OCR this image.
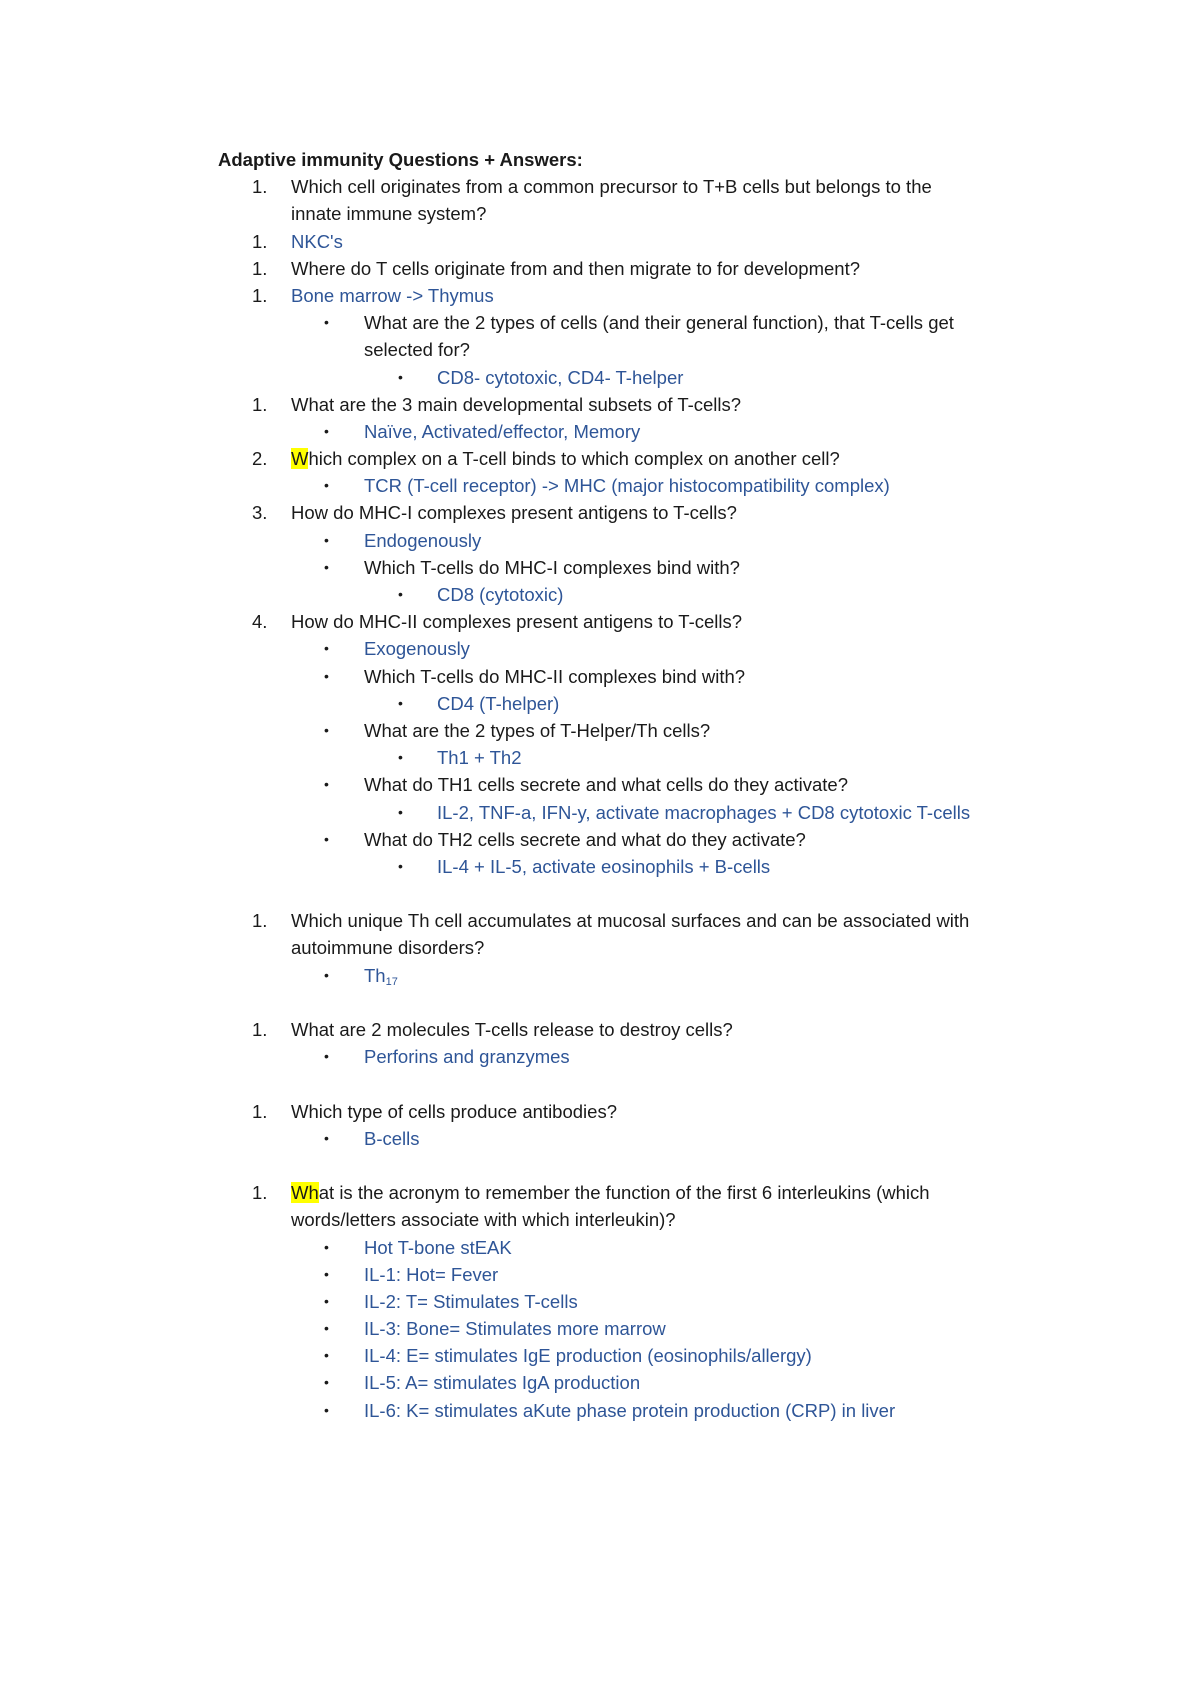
Adaptive immunity Questions + Answers:
1. Which cell originates from a common precursor to T+B cells but belongs to the
innate immune system?
1. NKC's
1. Where do T cells originate from and then migrate to for development?
1. Bone marrow -> Thymus
• What are the 2 types of cells (and their general function), that T-cells get
selected for?
• CD8- cytotoxic, CD4- T-helper
1. What are the 3 main developmental subsets of T-cells?
• Naïve, Activated/effector, Memory
2. Which complex on a T-cell binds to which complex on another cell?
• TCR (T-cell receptor) -> MHC (major histocompatibility complex)
3. How do MHC-I complexes present antigens to T-cells?
• Endogenously
• Which T-cells do MHC-I complexes bind with?
• CD8 (cytotoxic)
4. How do MHC-II complexes present antigens to T-cells?
• Exogenously
• Which T-cells do MHC-II complexes bind with?
• CD4 (T-helper)
• What are the 2 types of T-Helper/Th cells?
• Th1 + Th2
• What do TH1 cells secrete and what cells do they activate?
• IL-2, TNF-a, IFN-y, activate macrophages + CD8 cytotoxic T-cells
• What do TH2 cells secrete and what do they activate?
• IL-4 + IL-5, activate eosinophils + B-cells
1. Which unique Th cell accumulates at mucosal surfaces and can be associated with
autoimmune disorders?
• $Th_{17}$
1. What are 2 molecules T-cells release to destroy cells?
• Perforins and granzymes
1. Which type of cells produce antibodies?
• B-cells
1. What is the acronym to remember the function of the first 6 interleukins (which
words/letters associate with which interleukin)?
• Hot T-bone stEAK
• IL-1: Hot= Fever
• IL-2: T= Stimulates T-cells
• IL-3: Bone= Stimulates more marrow
• IL-4: E= stimulates IgE production (eosinophils/allergy)
• IL-5: A= stimulates IgA production
• IL-6: K= stimulates aKute phase protein production (CRP) in liver
